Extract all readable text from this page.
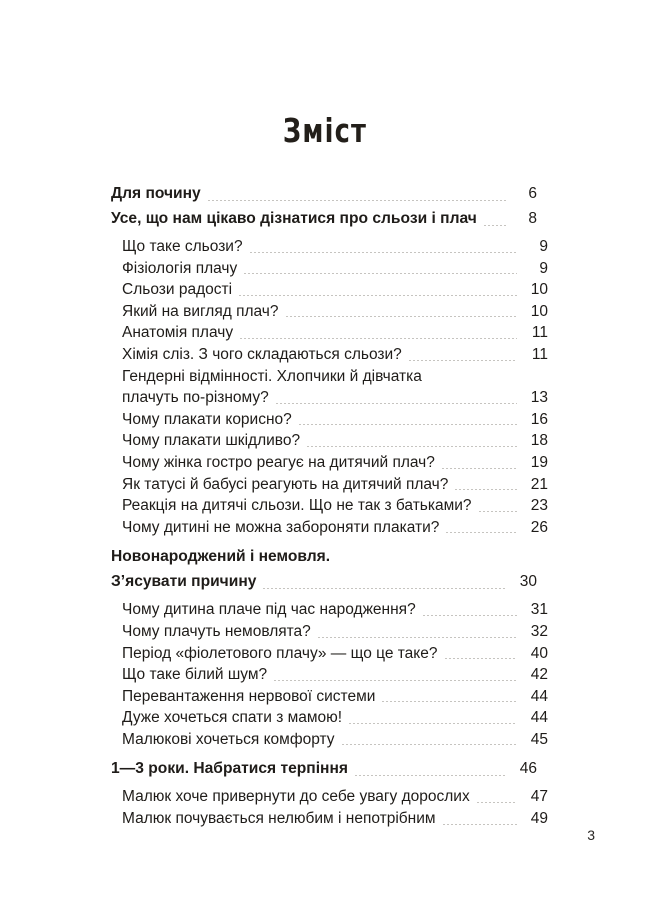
Зміст
Для почину	6
Усе, що нам цікаво дізнатися про сльози і плач	8
Що таке сльози?	9
Фізіологія плачу	9
Сльози радості	10
Який на вигляд плач?	10
Анатомія плачу	11
Хімія сліз. З чого складаються сльози?	11
Гендерні відмінності. Хлопчики й дівчатка
плачуть по-різному?	13
Чому плакати корисно?	16
Чому плакати шкідливо?	18
Чому жінка гостро реагує на дитячий плач?	19
Як татусі й бабусі реагують на дитячий плач?	21
Реакція на дитячі сльози. Що не так з батьками?	23
Чому дитині не можна забороняти плакати?	26
Новонароджений і немовля.
З’ясувати причину	30
Чому дитина плаче під час народження?	31
Чому плачуть немовлята?	32
Період «фіолетового плачу» — що це таке?	40
Що таке білий шум?	42
Перевантаження нервової системи	44
Дуже хочеться спати з мамою!	44
Малюкові хочеться комфорту	45
1—3 роки. Набратися терпіння	46
Малюк хоче привернути до себе увагу дорослих	47
Малюк почувається нелюбим і непотрібним	49
3
